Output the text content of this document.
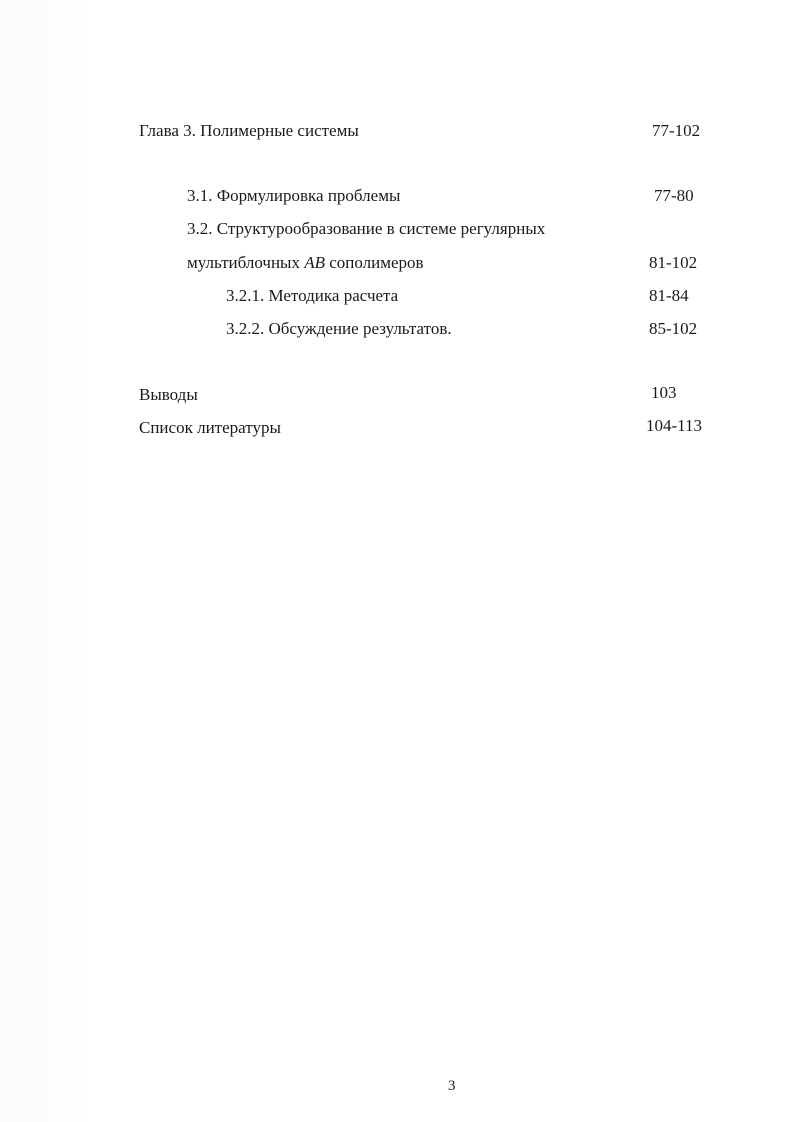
Глава 3. Полимерные системы	77-102
3.1. Формулировка проблемы	77-80
3.2. Структурообразование в системе регулярных
мультиблочных AB сополимеров	81-102
3.2.1. Методика расчета	81-84
3.2.2. Обсуждение результатов.	85-102
Выводы	103
Список литературы	104-113
3
